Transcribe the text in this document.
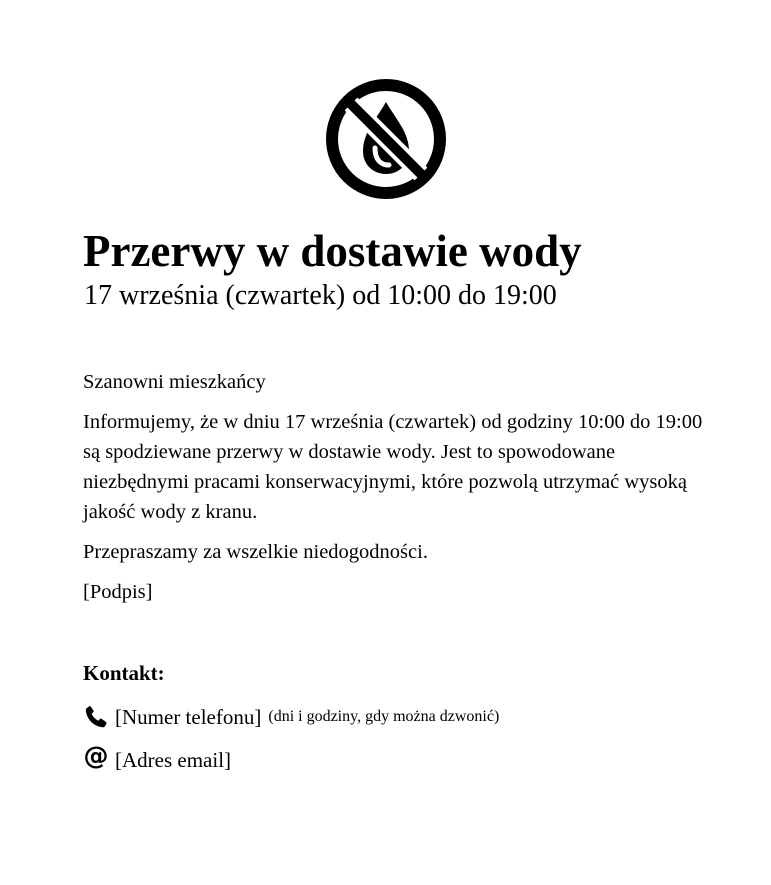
Przerwy w dostawie wody

17 września (czwartek) od 10:00 do 19:00

Szanowni mieszkańcy

Informujemy, że w dniu 17 września (czwartek) od godziny 10:00 do 19:00 są spodziewane przerwy w dostawie wody. Jest to spowodowane niezbędnymi pracami konserwacyjnymi, które pozwolą utrzymać wysoką jakość wody z kranu.

Przepraszamy za wszelkie niedogodności.

[Podpis]

Kontakt:

[Numer telefonu] (dni i godziny, gdy można dzwonić)
@ [Adres email]
